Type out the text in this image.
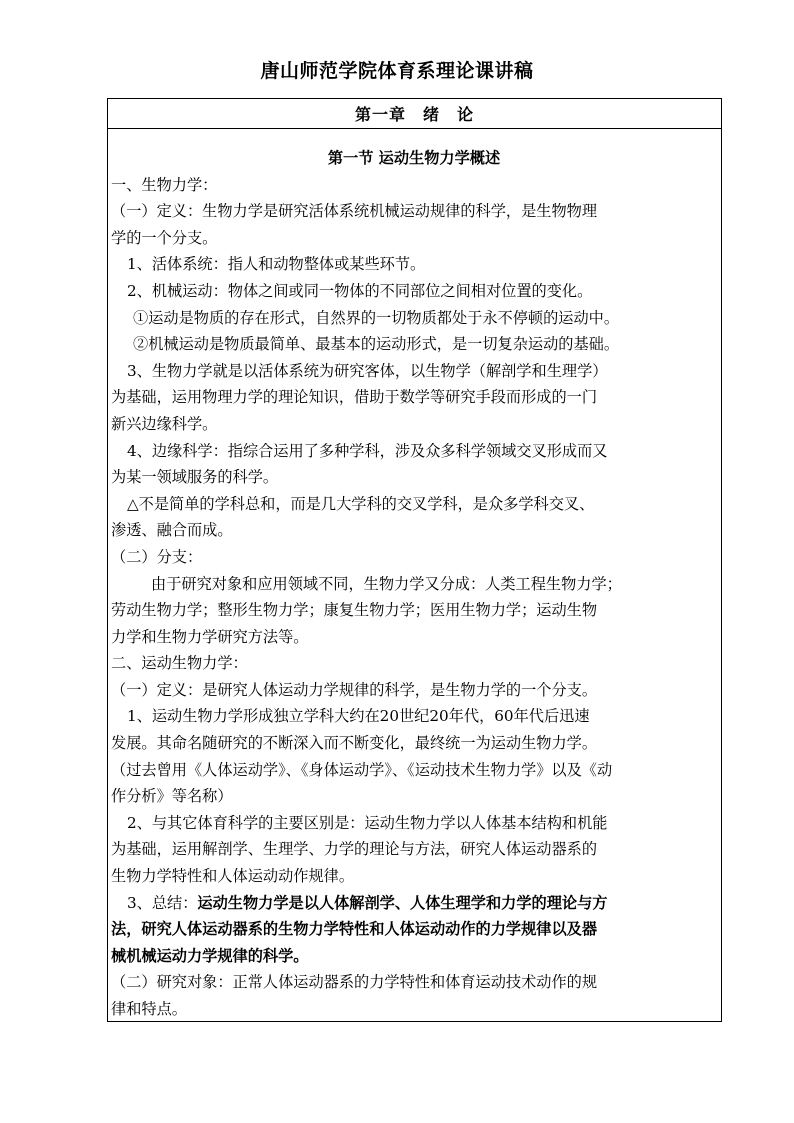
唐山师范学院体育系理论课讲稿
第一章　绪　论
第一节 运动生物力学概述
一、生物力学：
（一）定义：生物力学是研究活体系统机械运动规律的科学，是生物物理
学的一个分支。
1、活体系统：指人和动物整体或某些环节。
2、机械运动：物体之间或同一物体的不同部位之间相对位置的变化。
①运动是物质的存在形式，自然界的一切物质都处于永不停顿的运动中。
②机械运动是物质最简单、最基本的运动形式，是一切复杂运动的基础。
3、生物力学就是以活体系统为研究客体，以生物学（解剖学和生理学）
为基础，运用物理力学的理论知识，借助于数学等研究手段而形成的一门
新兴边缘科学。
4、边缘科学：指综合运用了多种学科，涉及众多科学领域交叉形成而又
为某一领域服务的科学。
△不是简单的学科总和，而是几大学科的交叉学科，是众多学科交叉、
渗透、融合而成。
（二）分支：
由于研究对象和应用领域不同，生物力学又分成：人类工程生物力学；
劳动生物力学；整形生物力学；康复生物力学；医用生物力学；运动生物
力学和生物力学研究方法等。
二、运动生物力学：
（一）定义：是研究人体运动力学规律的科学，是生物力学的一个分支。
1、运动生物力学形成独立学科大约在20世纪20年代，60年代后迅速
发展。其命名随研究的不断深入而不断变化，最终统一为运动生物力学。
（过去曾用《人体运动学》、《身体运动学》、《运动技术生物力学》以及《动
作分析》等名称）
2、与其它体育科学的主要区别是：运动生物力学以人体基本结构和机能
为基础，运用解剖学、生理学、力学的理论与方法，研究人体运动器系的
生物力学特性和人体运动动作规律。
3、总结：运动生物力学是以人体解剖学、人体生理学和力学的理论与方
法，研究人体运动器系的生物力学特性和人体运动动作的力学规律以及器
械机械运动力学规律的科学。
（二）研究对象：正常人体运动器系的力学特性和体育运动技术动作的规
律和特点。
